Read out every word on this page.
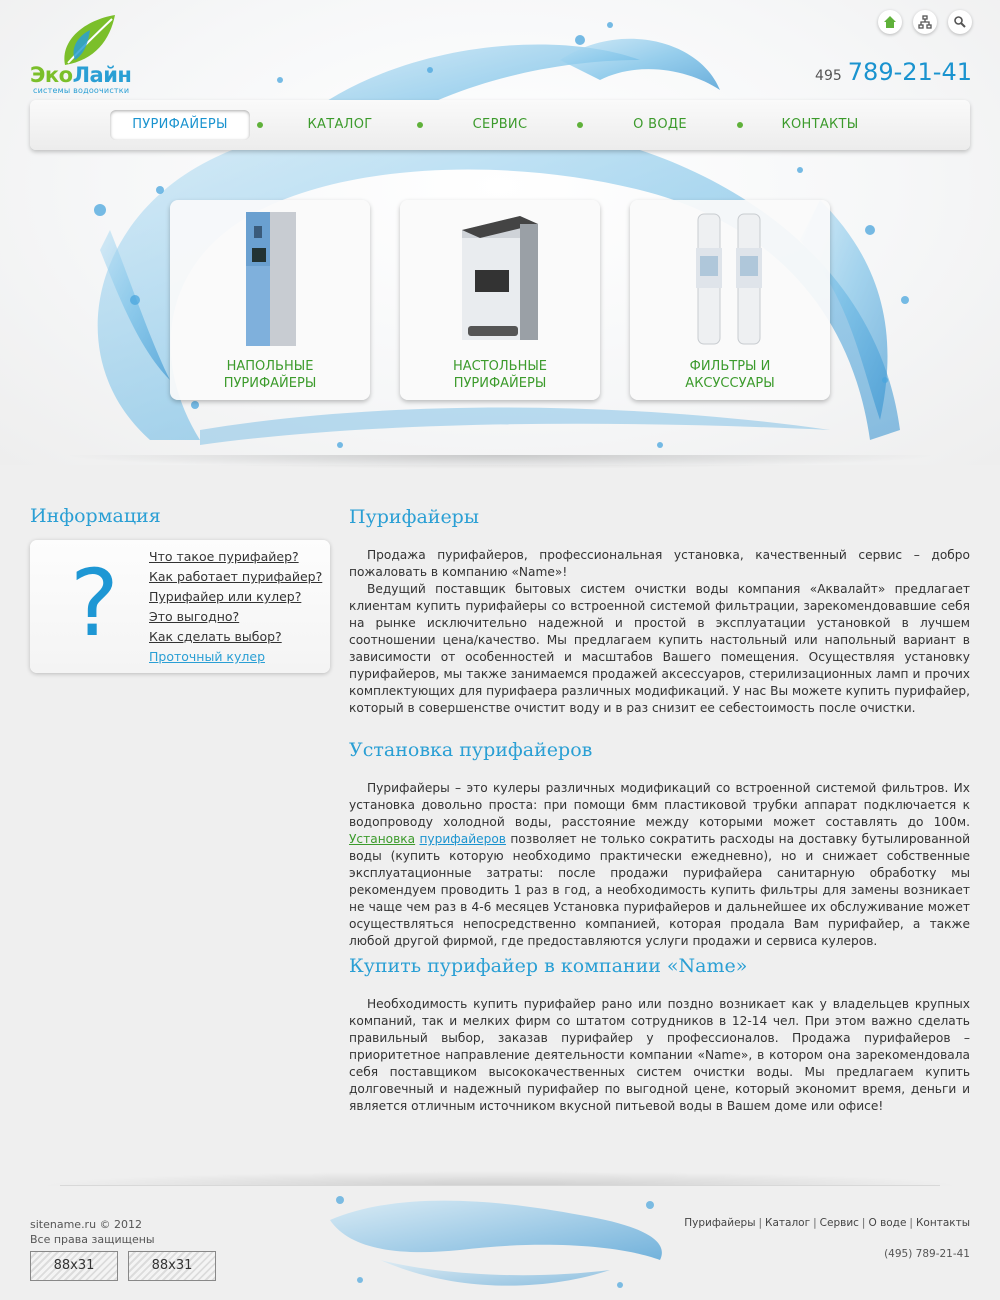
ЭкоЛайн
системы водоочистки
495 789-21-41
ПУРИФАЙЕРЫ	КАТАЛОГ	СЕРВИС	О ВОДЕ	КОНТАКТЫ
НАПОЛЬНЫЕ
ПУРИФАЙЕРЫ
НАСТОЛЬНЫЕ
ПУРИФАЙЕРЫ
ФИЛЬТРЫ И
АКСУССУАРЫ
Информация
? Что такое пурифайер?
Как работает пурифайер?
Пурифайер или кулер?
Это выгодно?
Как сделать выбор?
Проточный кулер
Пурифайеры
Продажа пурифайеров, профессиональная установка, качественный сервис – добро пожаловать в компанию «Name»!
Ведущий поставщик бытовых систем очистки воды компания «Аквалайт» предлагает клиентам купить пурифайеры со встроенной системой фильтрации, зарекомендовавшие себя на рынке исключительно надежной и простой в эксплуатации установкой в лучшем соотношении цена/качество. Мы предлагаем купить настольный или напольный вариант в зависимости от особенностей и масштабов Вашего помещения. Осуществляя установку пурифайеров, мы также занимаемся продажей аксессуаров, стерилизационных ламп и прочих комплектующих для пурифаера различных модификаций. У нас Вы можете купить пурифайер, который в совершенстве очистит воду и в раз снизит ее себестоимость после очистки.
Установка пурифайеров
Пурифайеры – это кулеры различных модификаций со встроенной системой фильтров. Их установка довольно проста: при помощи 6мм пластиковой трубки аппарат подключается к водопроводу холодной воды, расстояние между которыми может составлять до 100м. Установка пурифайеров позволяет не только сократить расходы на доставку бутылированной воды (купить которую необходимо практически ежедневно), но и снижает собственные эксплуатационные затраты: после продажи пурифайера санитарную обработку мы рекомендуем проводить 1 раз в год, а необходимость купить фильтры для замены возникает не чаще чем раз в 4-6 месяцев Установка пурифайеров и дальнейшее их обслуживание может осуществляться непосредственно компанией, которая продала Вам пурифайер, а также любой другой фирмой, где предоставляются услуги продажи и сервиса кулеров.
Купить пурифайер в компании «Name»
Необходимость купить пурифайер рано или поздно возникает как у владельцев крупных компаний, так и мелких фирм со штатом сотрудников в 12-14 чел. При этом важно сделать правильный выбор, заказав пурифайер у профессионалов. Продажа пурифайеров – приоритетное направление деятельности компании «Name», в котором она зарекомендовала себя поставщиком высококачественных систем очистки воды. Мы предлагаем купить долговечный и надежный пурифайер по выгодной цене, который экономит время, деньги и является отличным источником вкусной питьевой воды в Вашем доме или офисе!
sitename.ru © 2012
Все права защищены
88x31	88x31
Пурифайеры | Каталог | Сервис | О воде | Контакты
(495) 789-21-41
